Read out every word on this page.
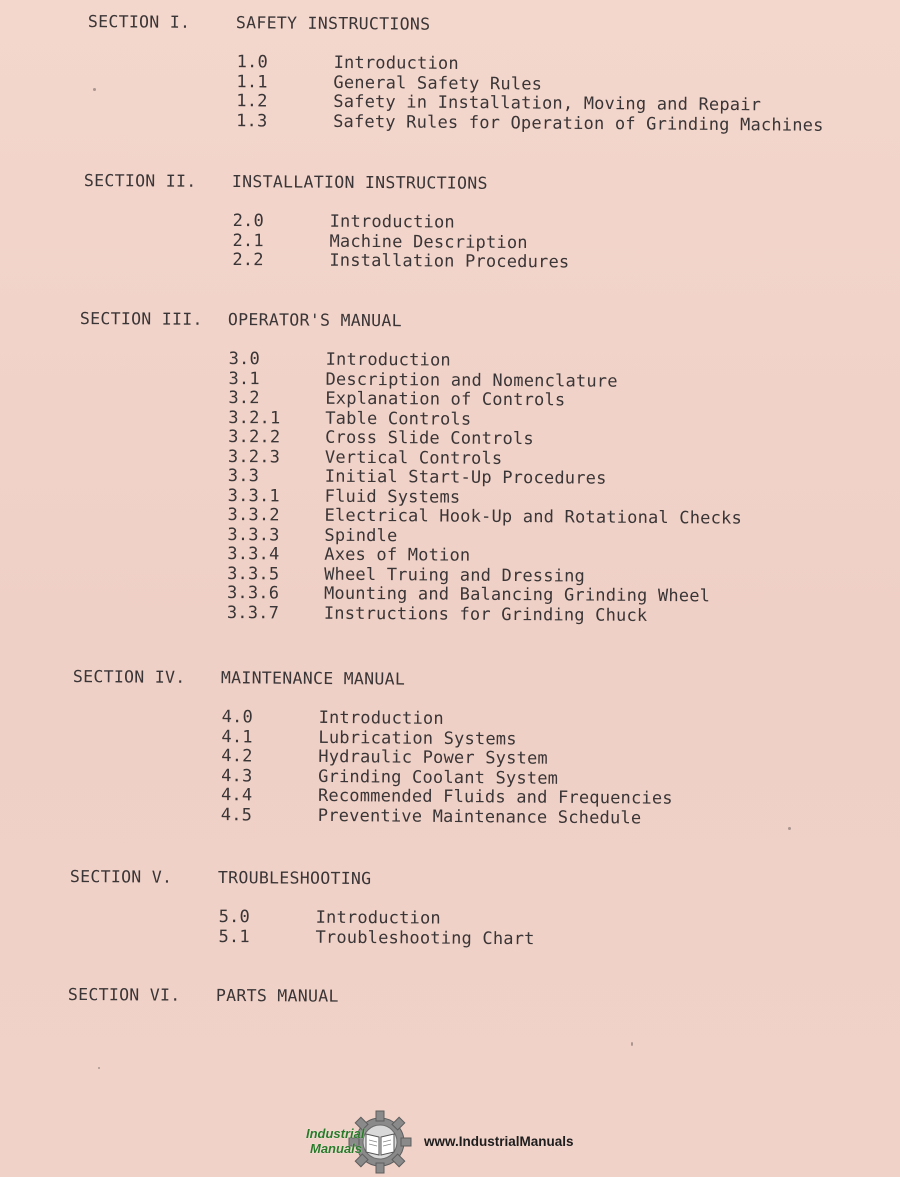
SECTION I.	SAFETY INSTRUCTIONS
1.0	Introduction
1.1	General Safety Rules
1.2	Safety in Installation, Moving and Repair
1.3	Safety Rules for Operation of Grinding Machines
SECTION II.	INSTALLATION INSTRUCTIONS
2.0	Introduction
2.1	Machine Description
2.2	Installation Procedures
SECTION III.	OPERATOR'S MANUAL
3.0	Introduction
3.1	Description and Nomenclature
3.2	Explanation of Controls
3.2.1	Table Controls
3.2.2	Cross Slide Controls
3.2.3	Vertical Controls
3.3	Initial Start-Up Procedures
3.3.1	Fluid Systems
3.3.2	Electrical Hook-Up and Rotational Checks
3.3.3	Spindle
3.3.4	Axes of Motion
3.3.5	Wheel Truing and Dressing
3.3.6	Mounting and Balancing Grinding Wheel
3.3.7	Instructions for Grinding Chuck
SECTION IV.	MAINTENANCE MANUAL
4.0	Introduction
4.1	Lubrication Systems
4.2	Hydraulic Power System
4.3	Grinding Coolant System
4.4	Recommended Fluids and Frequencies
4.5	Preventive Maintenance Schedule
SECTION V.	TROUBLESHOOTING
5.0	Introduction
5.1	Troubleshooting Chart
SECTION VI.	PARTS MANUAL
Industrial
Manuals	www.IndustrialManuals
